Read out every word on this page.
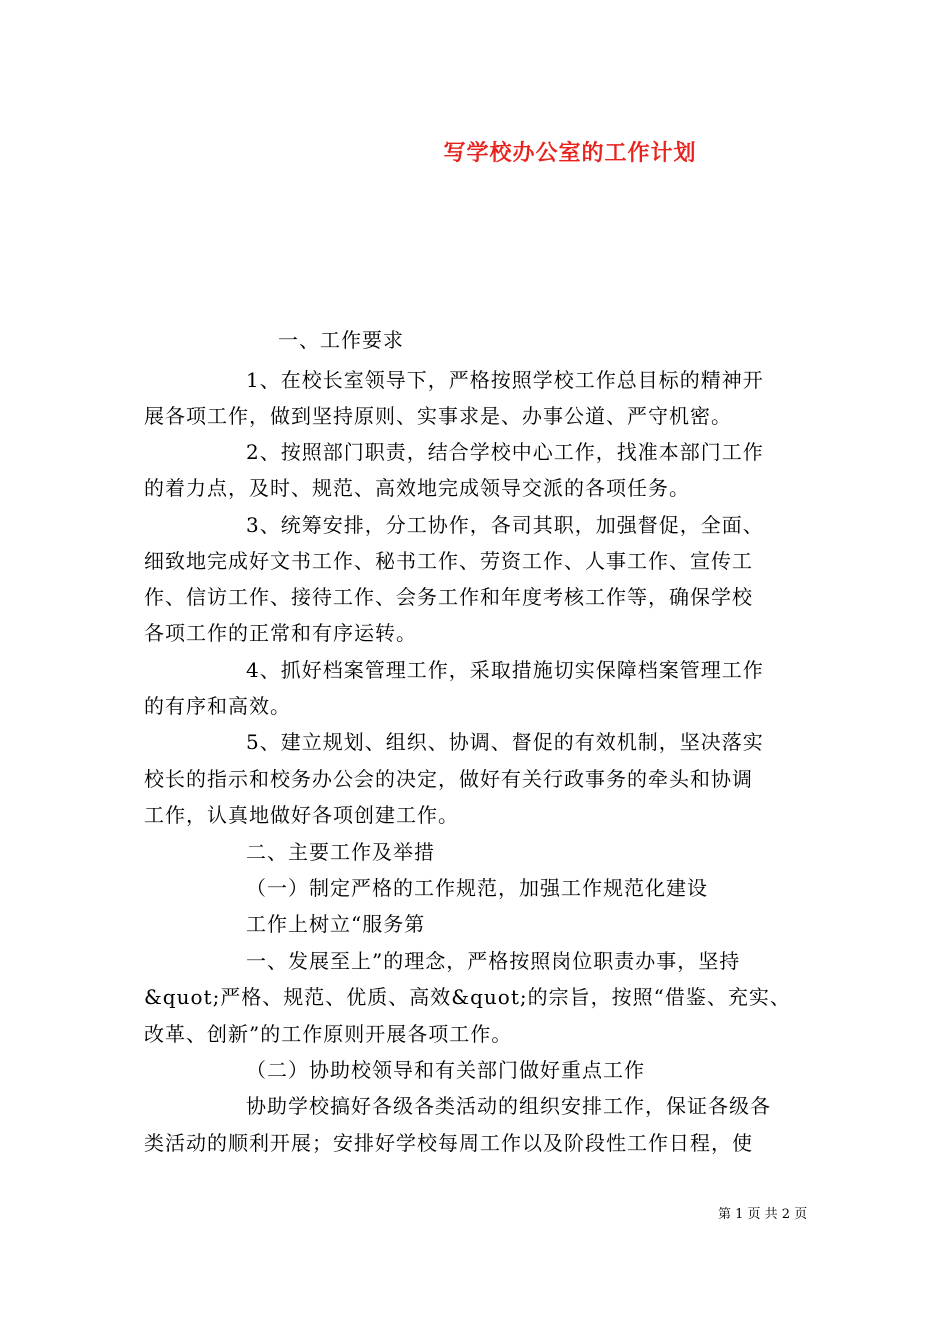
写学校办公室的工作计划
一、工作要求
1、在校长室领导下，严格按照学校工作总目标的精神开
展各项工作，做到坚持原则、实事求是、办事公道、严守机密。
2、按照部门职责，结合学校中心工作，找准本部门工作
的着力点，及时、规范、高效地完成领导交派的各项任务。
3、统筹安排，分工协作，各司其职，加强督促，全面、
细致地完成好文书工作、秘书工作、劳资工作、人事工作、宣传工
作、信访工作、接待工作、会务工作和年度考核工作等，确保学校
各项工作的正常和有序运转。
4、抓好档案管理工作，采取措施切实保障档案管理工作
的有序和高效。
5、建立规划、组织、协调、督促的有效机制，坚决落实
校长的指示和校务办公会的决定，做好有关行政事务的牵头和协调
工作，认真地做好各项创建工作。
二、主要工作及举措
（一）制定严格的工作规范，加强工作规范化建设
工作上树立“服务第
一、发展至上”的理念，严格按照岗位职责办事，坚持
&quot;严格、规范、优质、高效&quot;的宗旨，按照“借鉴、充实、
改革、创新”的工作原则开展各项工作。
（二）协助校领导和有关部门做好重点工作
协助学校搞好各级各类活动的组织安排工作，保证各级各
类活动的顺利开展；安排好学校每周工作以及阶段性工作日程，使
第 1 页 共 2 页
